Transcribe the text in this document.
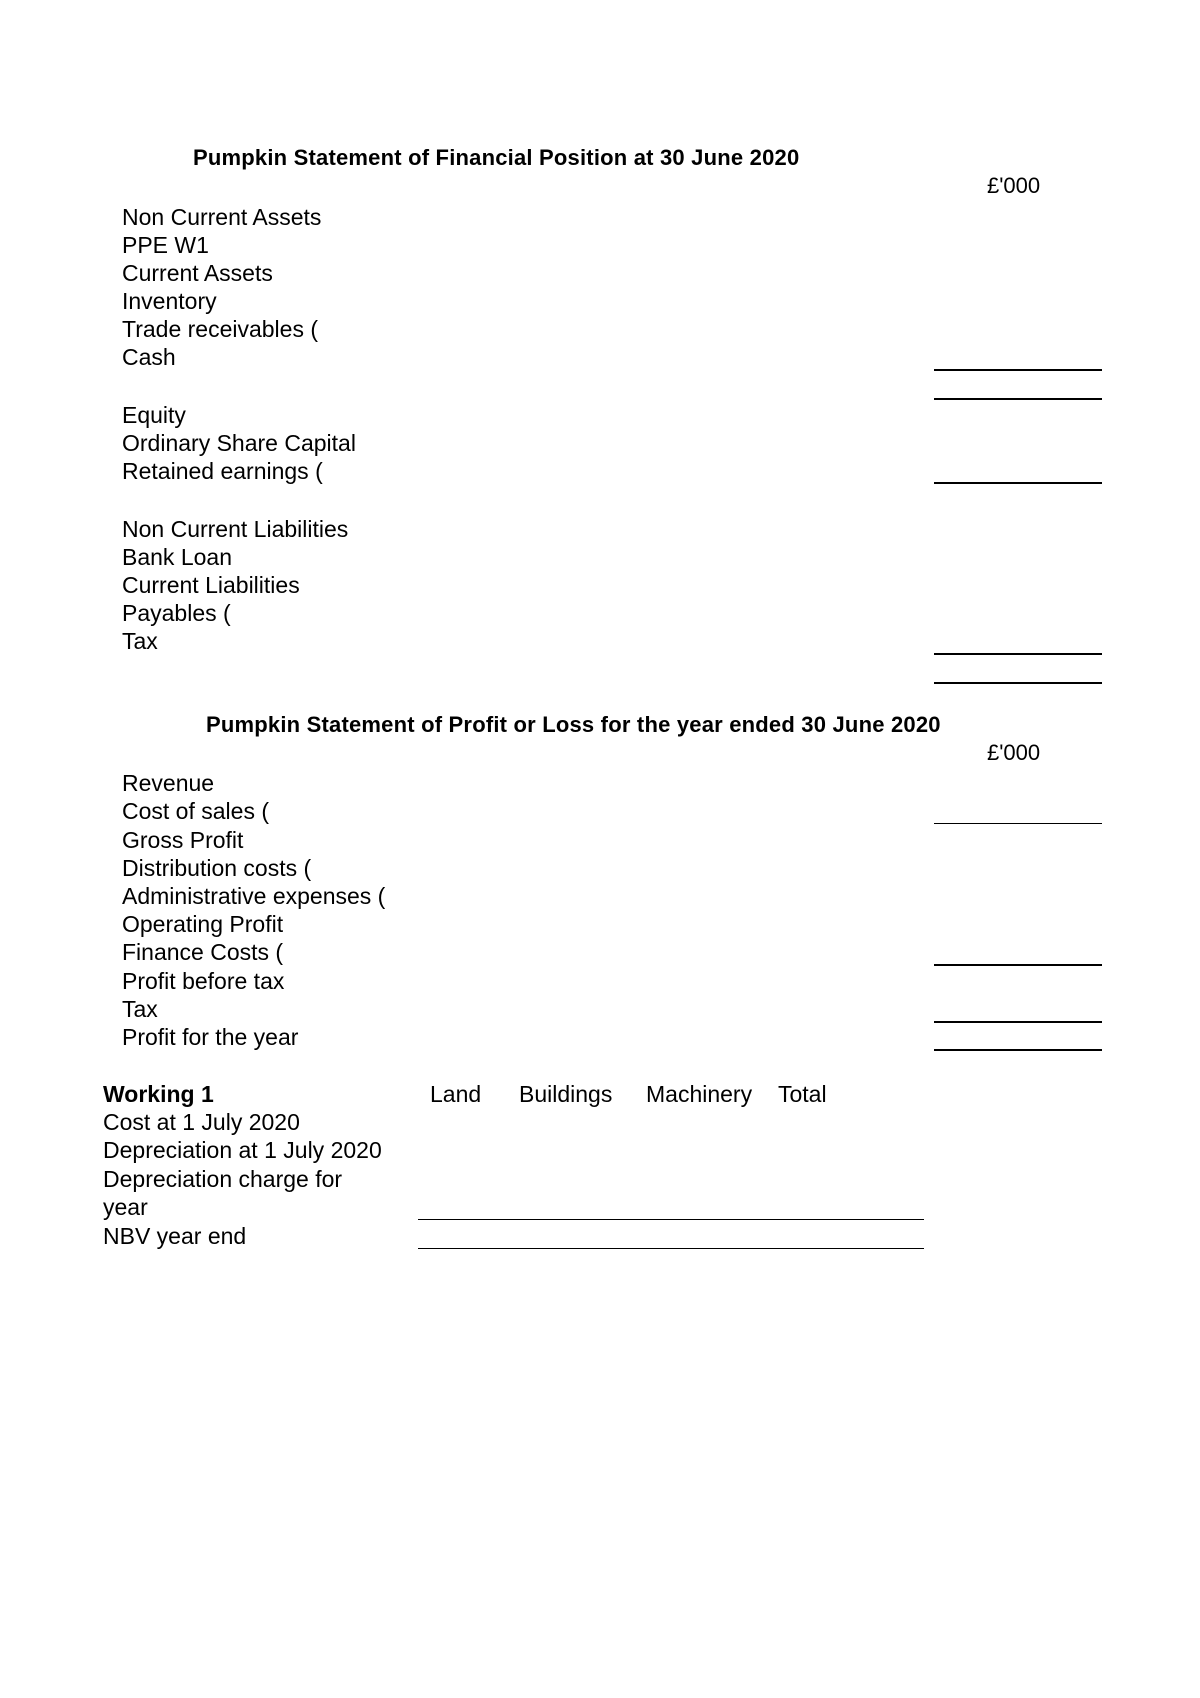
Pumpkin Statement of Financial Position at 30 June 2020
£'000
Non Current Assets
PPE W1
Current Assets
Inventory
Trade receivables (
Cash
Equity
Ordinary Share Capital
Retained earnings (
Non Current Liabilities
Bank Loan
Current Liabilities
Payables (
Tax
Pumpkin Statement of Profit or Loss for the year ended 30 June 2020
£'000
Revenue
Cost of sales (
Gross Profit
Distribution costs (
Administrative expenses (
Operating Profit
Finance Costs (
Profit before tax
Tax
Profit for the year
Working 1	Land Buildings Machinery Total
Cost at 1 July 2020
Depreciation at 1 July 2020
Depreciation charge for
year
NBV year end
